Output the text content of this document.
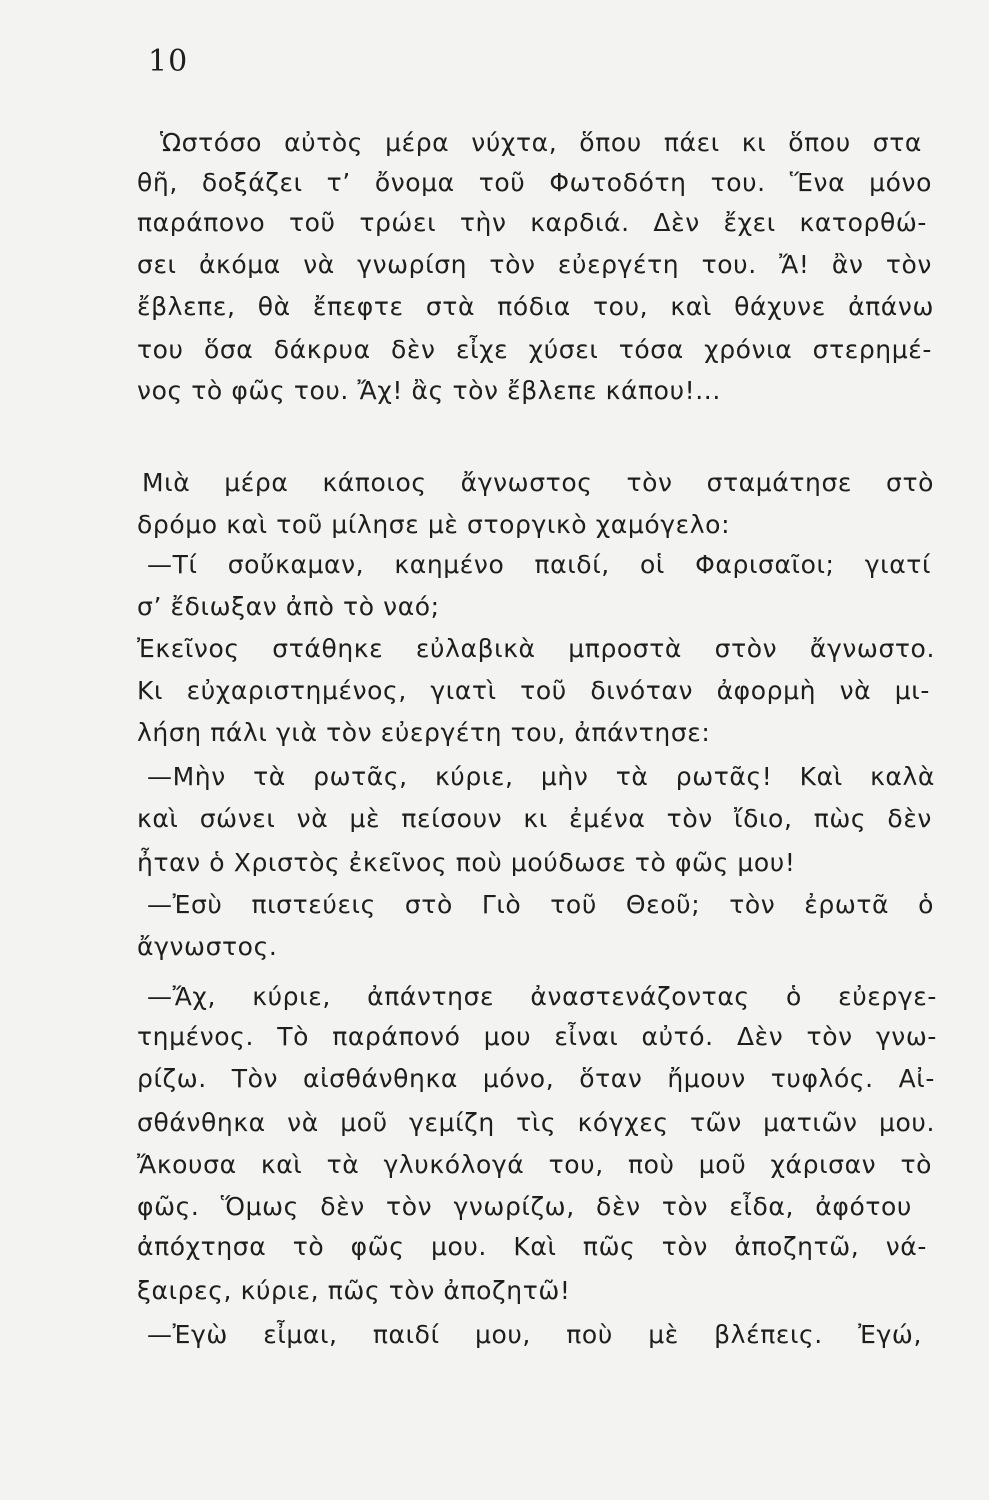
10
Ὡστόσο αὐτὸς μέρα νύχτα, ὅπου πάει κι ὅπου στα
θῆ, δοξάζει τ’ ὄνομα τοῦ Φωτοδότη του. Ἕνα μόνο
παράπονο τοῦ τρώει τὴν καρδιά. Δὲν ἔχει κατορθώ-
σει ἀκόμα νὰ γνωρίση τὸν εὐεργέτη του. Ἄ! ἂν τὸν
ἔβλεπε, θὰ ἔπεφτε στὰ πόδια του, καὶ θάχυνε ἀπάνω
του ὅσα δάκρυα δὲν εἶχε χύσει τόσα χρόνια στερημέ-
νος τὸ φῶς του. Ἄχ! ἂς τὸν ἔβλεπε κάπου!...
Μιὰ μέρα κάποιος ἄγνωστος τὸν σταμάτησε στὸ
δρόμο καὶ τοῦ μίλησε μὲ στοργικὸ χαμόγελο:
—Τί σοὔκαμαν, καημένο παιδί, οἱ Φαρισαῖοι; γιατί
σ’ ἔδιωξαν ἀπὸ τὸ ναό;
Ἐκεῖνος στάθηκε εὐλαβικὰ μπροστὰ στὸν ἄγνωστο.
Κι εὐχαριστημένος, γιατὶ τοῦ δινόταν ἀφορμὴ νὰ μι-
λήση πάλι γιὰ τὸν εὐεργέτη του, ἀπάντησε:
—Μὴν τὰ ρωτᾶς, κύριε, μὴν τὰ ρωτᾶς! Καὶ καλὰ
καὶ σώνει νὰ μὲ πείσουν κι ἐμένα τὸν ἴδιο, πὼς δὲν
ἦταν ὁ Χριστὸς ἐκεῖνος ποὺ μούδωσε τὸ φῶς μου!
—Ἐσὺ πιστεύεις στὸ Γιὸ τοῦ Θεοῦ; τὸν ἐρωτᾶ ὁ
ἄγνωστος.
—Ἄχ, κύριε, ἀπάντησε ἀναστενάζοντας ὁ εὐεργε-
τημένος. Τὸ παράπονό μου εἶναι αὐτό. Δὲν τὸν γνω-
ρίζω. Τὸν αἰσθάνθηκα μόνο, ὅταν ἤμουν τυφλός. Αἰ-
σθάνθηκα νὰ μοῦ γεμίζη τὶς κόγχες τῶν ματιῶν μου.
Ἄκουσα καὶ τὰ γλυκόλογά του, ποὺ μοῦ χάρισαν τὸ
φῶς. Ὅμως δὲν τὸν γνωρίζω, δὲν τὸν εἶδα, ἀφότου
ἀπόχτησα τὸ φῶς μου. Καὶ πῶς τὸν ἀποζητῶ, νά-
ξαιρες, κύριε, πῶς τὸν ἀποζητῶ!
—Ἐγὼ εἶμαι, παιδί μου, ποὺ μὲ βλέπεις. Ἐγώ,
